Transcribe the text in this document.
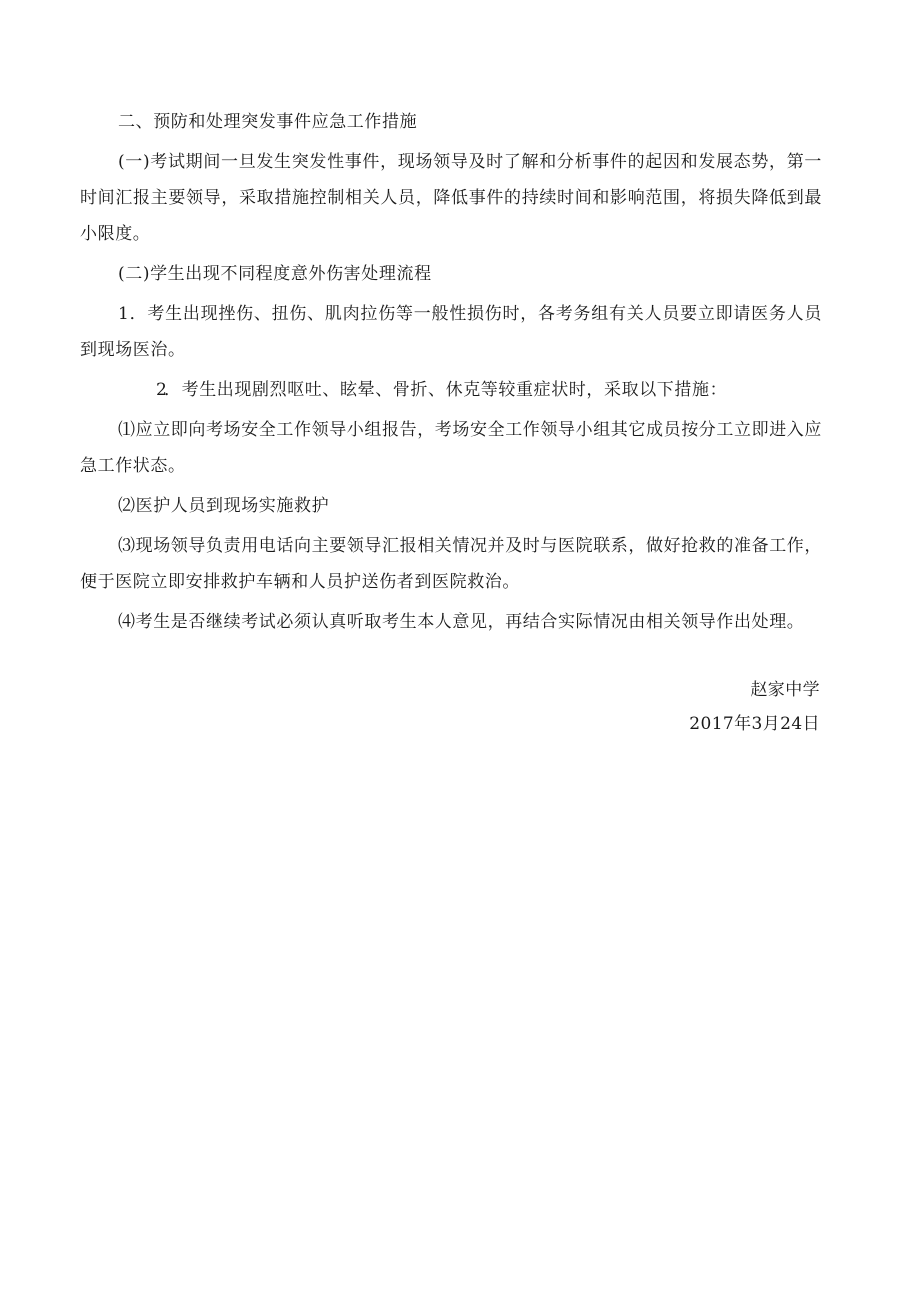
二、预防和处理突发事件应急工作措施

(一)考试期间一旦发生突发性事件，现场领导及时了解和分析事件的起因和发展态势，第一时间汇报主要领导，采取措施控制相关人员，降低事件的持续时间和影响范围，将损失降低到最小限度。

(二)学生出现不同程度意外伤害处理流程

1．考生出现挫伤、扭伤、肌肉拉伤等一般性损伤时，各考务组有关人员要立即请医务人员到现场医治。

2．考生出现剧烈呕吐、眩晕、骨折、休克等较重症状时，采取以下措施：

⑴应立即向考场安全工作领导小组报告，考场安全工作领导小组其它成员按分工立即进入应急工作状态。

⑵医护人员到现场实施救护

⑶现场领导负责用电话向主要领导汇报相关情况并及时与医院联系，做好抢救的准备工作，便于医院立即安排救护车辆和人员护送伤者到医院救治。

⑷考生是否继续考试必须认真听取考生本人意见，再结合实际情况由相关领导作出处理。

赵家中学
2017年3月24日
